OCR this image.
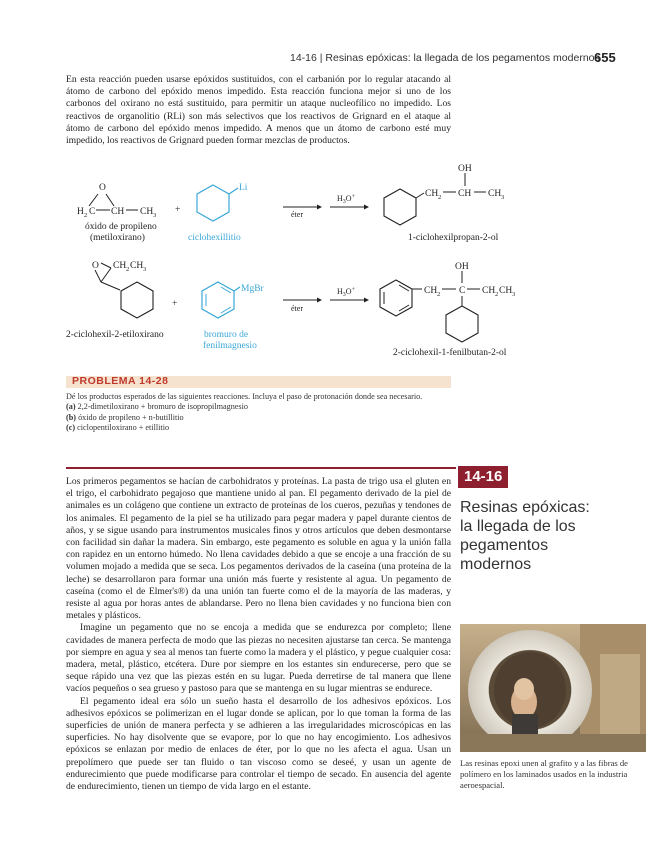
14-16 | Resinas epóxicas: la llegada de los pegamentos modernos
655

En esta reacción pueden usarse epóxidos sustituidos, con el carbanión por lo regular atacando al átomo de carbono del epóxido menos impedido. Esta reacción funciona mejor si uno de los carbonos del oxirano no está sustituido, para permitir un ataque nucleofílico no impedido. Los reactivos de organolitio (RLi) son más selectivos que los reactivos de Grignard en el ataque al átomo de carbono del epóxido menos impedido. A menos que un átomo de carbono esté muy impedido, los reactivos de Grignard pueden formar mezclas de productos.

O
H 2 C CH CH 3
óxido de propileno
(metiloxirano)
+
Li
ciclohexillitio
éter
$H_3O^+$	CH 2 CH CH 3
OH
1-ciclohexilpropan-2-ol
O CH 2 CH 3
2-ciclohexil-2-etiloxirano
+
MgBr
bromuro de
fenilmagnesio
éter
$H_3O^+$	CH 2 C CH 2 CH 3
OH
2-ciclohexil-1-fenilbutan-2-ol
PROBLEMA 14-28

Dé los productos esperados de las siguientes reacciones. Incluya el paso de protonación donde sea necesario.

(a) 2,2-dimetiloxirano + bromuro de isopropilmagnesio

(b) óxido de propileno + n-butillitio

(c) ciclopentiloxirano + etillitio

14-16
Resinas epóxicas:
la llegada de los
pegamentos
modernos

Los primeros pegamentos se hacían de carbohidratos y proteínas. La pasta de trigo usa el gluten en el trigo, el carbohidrato pegajoso que mantiene unido al pan. El pegamento derivado de la piel de animales es un colágeno que contiene un extracto de proteínas de los cueros, pezuñas y tendones de los animales. El pegamento de la piel se ha utilizado para pegar madera y papel durante cientos de años, y se sigue usando para instrumentos musicales finos y otros artículos que deben desmontarse con facilidad sin dañar la madera. Sin embargo, este pegamento es soluble en agua y la unión falla con rapidez en un entorno húmedo. No llena cavidades debido a que se encoje a una fracción de su volumen mojado a medida que se seca. Los pegamentos derivados de la caseína (una proteína de la leche) se desarrollaron para formar una unión más fuerte y resistente al agua. Un pegamento de caseína (como el de Elmer's®) da una unión tan fuerte como el de la mayoría de las maderas, y resiste al agua por horas antes de ablandarse. Pero no llena bien cavidades y no funciona bien con metales y plásticos.

Imagine un pegamento que no se encoja a medida que se endurezca por completo; llene cavidades de manera perfecta de modo que las piezas no necesiten ajustarse tan cerca. Se mantenga por siempre en agua y sea al menos tan fuerte como la madera y el plástico, y pegue cualquier cosa: madera, metal, plástico, etcétera. Dure por siempre en los estantes sin endurecerse, pero que se seque rápido una vez que las piezas estén en su lugar. Pueda derretirse de tal manera que llene vacíos pequeños o sea grueso y pastoso para que se mantenga en su lugar mientras se endurece.

El pegamento ideal era sólo un sueño hasta el desarrollo de los adhesivos epóxicos. Los adhesivos epóxicos se polimerizan en el lugar donde se aplican, por lo que toman la forma de las superficies de unión de manera perfecta y se adhieren a las irregularidades microscópicas en las superficies. No hay disolvente que se evapore, por lo que no hay encogimiento. Los adhesivos epóxicos se enlazan por medio de enlaces de éter, por lo que no les afecta el agua. Usan un prepolímero que puede ser tan fluido o tan viscoso como se deseé, y usan un agente de endurecimiento que puede modificarse para controlar el tiempo de secado. En ausencia del agente de endurecimiento, tienen un tiempo de vida largo en el estante.

Las resinas epoxi unen al grafito y a las fibras de polímero en los laminados usados en la industria aeroespacial.
